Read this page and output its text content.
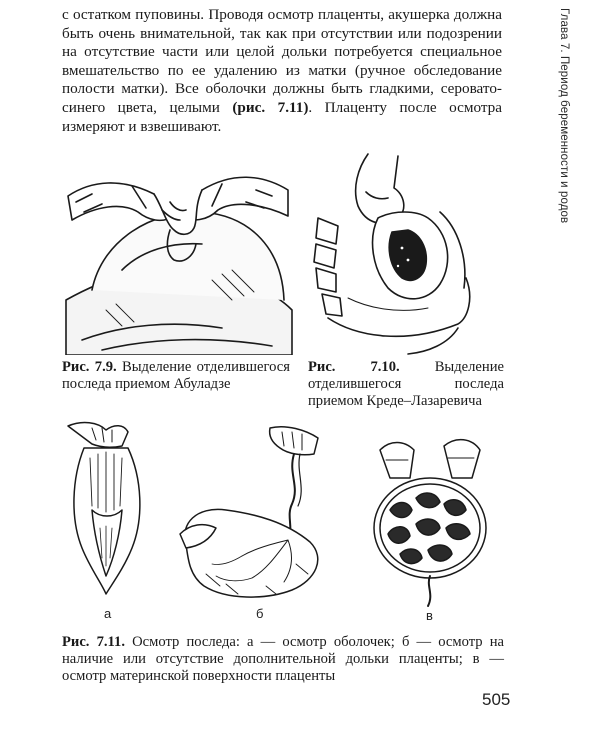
Глава 7. Период беременности и родов
с остатком пуповины. Проводя осмотр плаценты, акушерка должна быть очень внимательной, так как при отсутствии или подозрении на отсутствие части или целой дольки потребуется специальное вмешательство по ее удалению из матки (ручное обследование полости матки). Все оболочки должны быть гладкими, серовато-синего цвета, целыми (рис. 7.11). Плаценту после осмотра измеряют и взвешивают.
Рис. 7.9. Выделение отделившегося последа приемом Абуладзе
Рис. 7.10. Выделение отделившегося последа приемом Креде–Лазаревича
а	б	в
Рис. 7.11. Осмотр последа: а — осмотр оболочек; б — осмотр на наличие или отсутствие дополнительной дольки плаценты; в — осмотр материнской поверхности плаценты
505
